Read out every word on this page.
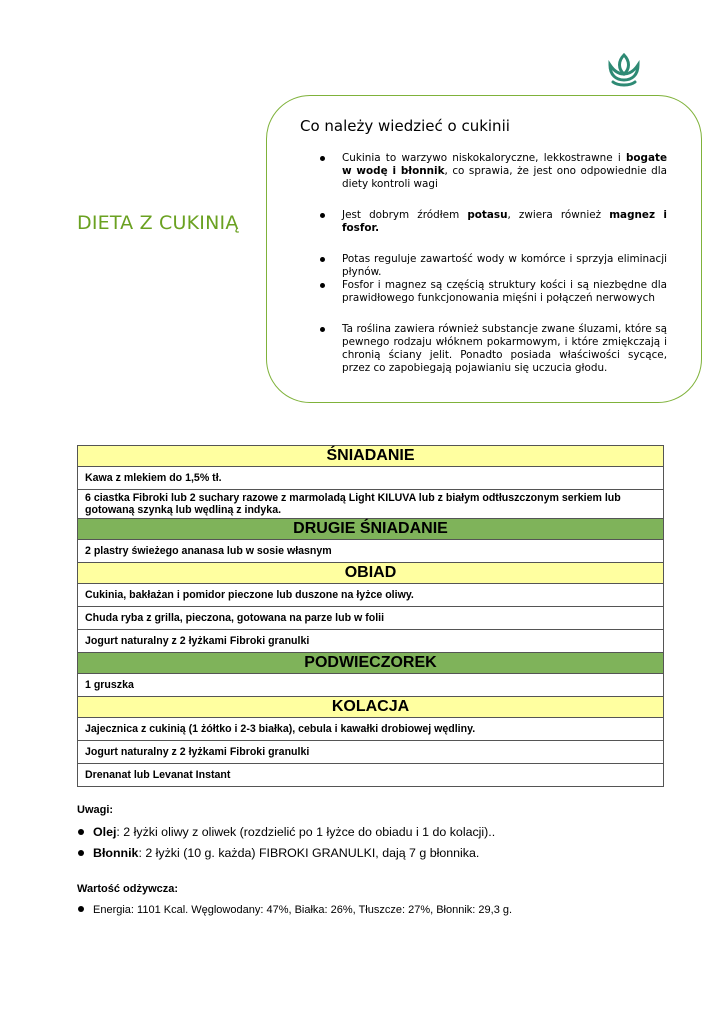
DIETA Z CUKINIĄ
Co należy wiedzieć o cukinii
Cukinia to warzywo niskokaloryczne, lekkostrawne i bogate w wodę i błonnik, co sprawia, że jest ono odpowiednie dla diety kontroli wagi
Jest dobrym źródłem potasu, zwiera również magnez i fosfor.
Potas reguluje zawartość wody w komórce i sprzyja eliminacji płynów.
Fosfor i magnez są częścią struktury kości i są niezbędne dla prawidłowego funkcjonowania mięśni i połączeń nerwowych
Ta roślina zawiera również substancje zwane śluzami, które są pewnego rodzaju włóknem pokarmowym, i które zmiękczają i chronią ściany jelit. Ponadto posiada właściwości sycące, przez co zapobiegają pojawianiu się uczucia głodu.
ŚNIADANIE
Kawa z mlekiem do 1,5% tł.
6 ciastka Fibroki lub 2 suchary razowe z marmoladą Light KILUVA lub z białym odtłuszczonym serkiem lub gotowaną szynką lub wędliną z indyka.
DRUGIE ŚNIADANIE
2 plastry świeżego ananasa lub w sosie własnym
OBIAD
Cukinia, bakłażan i pomidor pieczone lub duszone na łyżce oliwy.
Chuda ryba z grilla, pieczona, gotowana na parze lub w folii
Jogurt naturalny z 2 łyżkami Fibroki granulki
PODWIECZOREK
1 gruszka
KOLACJA
Jajecznica z cukinią (1 żółtko i 2-3 białka), cebula i kawałki drobiowej wędliny.
Jogurt naturalny z 2 łyżkami Fibroki granulki
Drenanat lub Levanat Instant
Uwagi:
Olej: 2 łyżki oliwy z oliwek (rozdzielić po 1 łyżce do obiadu i 1 do kolacji)..
Błonnik: 2 łyżki (10 g. każda) FIBROKI GRANULKI, dają 7 g błonnika.
Wartość odżywcza:
Energia: 1101 Kcal. Węglowodany: 47%, Białka: 26%, Tłuszcze: 27%, Błonnik: 29,3 g.
